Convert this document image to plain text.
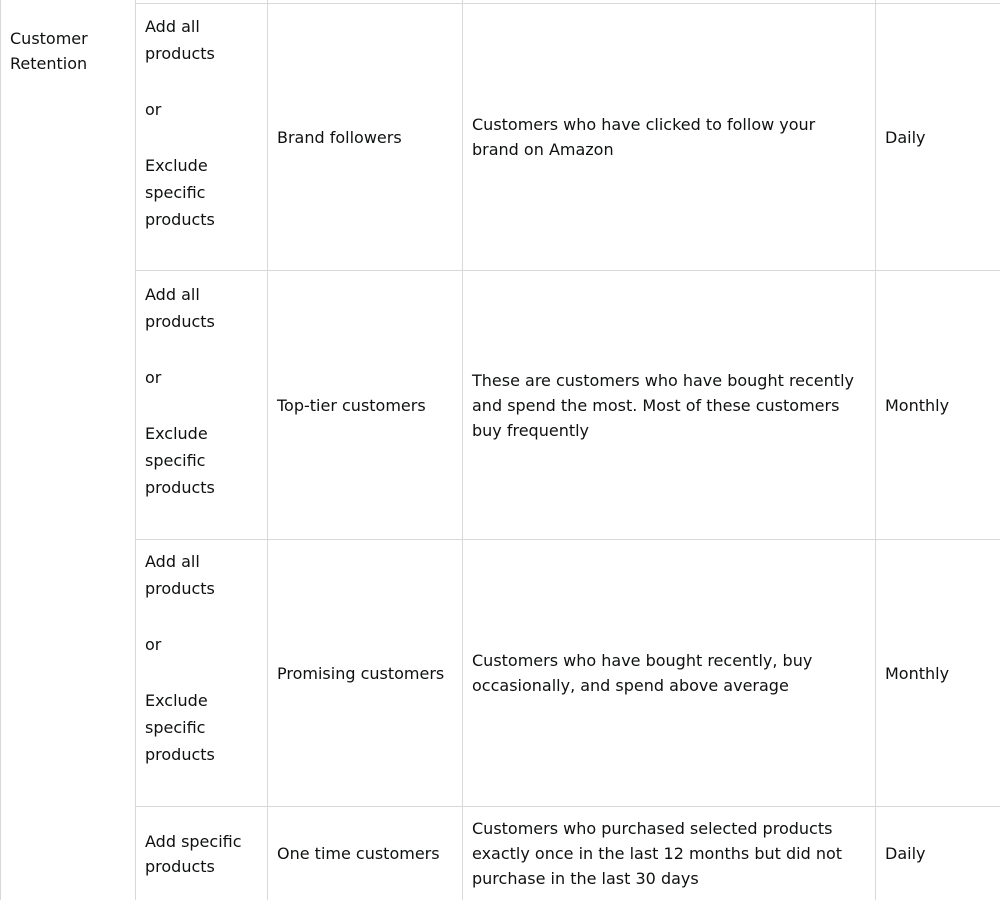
Customer Retention

Add all products

or

Exclude specific products

Brand followers
Customers who have clicked to follow your brand on Amazon
Daily

Add all products

or

Exclude specific products

Top-tier customers
These are customers who have bought recently and spend the most. Most of these customers buy frequently
Monthly

Add all products

or

Exclude specific products

Promising customers
Customers who have bought recently, buy occasionally, and spend above average
Monthly
Add specific products
One time customers
Customers who purchased selected products exactly once in the last 12 months but did not purchase in the last 30 days
Daily
